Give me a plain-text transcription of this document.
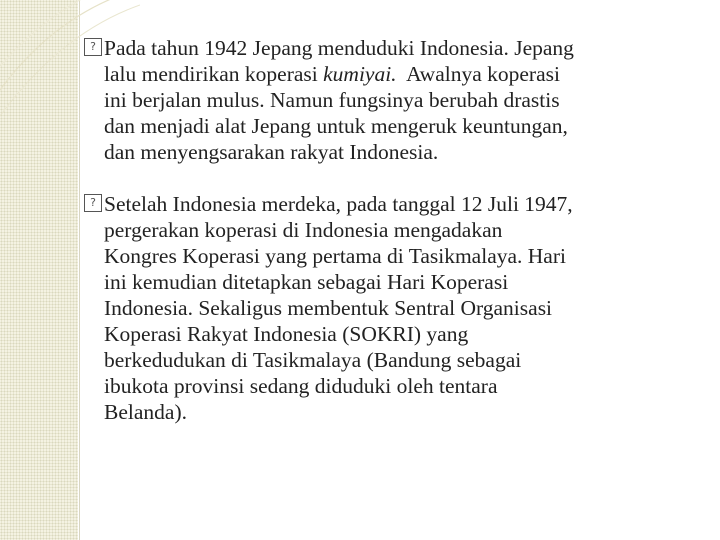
? Pada tahun 1942 Jepang menduduki Indonesia. Jepang
lalu mendirikan koperasi kumiyai.  Awalnya koperasi
ini berjalan mulus. Namun fungsinya berubah drastis
dan menjadi alat Jepang untuk mengeruk keuntungan,
dan menyengsarakan rakyat Indonesia.
? Setelah Indonesia merdeka, pada tanggal 12 Juli 1947,
pergerakan koperasi di Indonesia mengadakan
Kongres Koperasi yang pertama di Tasikmalaya. Hari
ini kemudian ditetapkan sebagai Hari Koperasi
Indonesia. Sekaligus membentuk Sentral Organisasi
Koperasi Rakyat Indonesia (SOKRI) yang
berkedudukan di Tasikmalaya (Bandung sebagai
ibukota provinsi sedang diduduki oleh tentara
Belanda).
